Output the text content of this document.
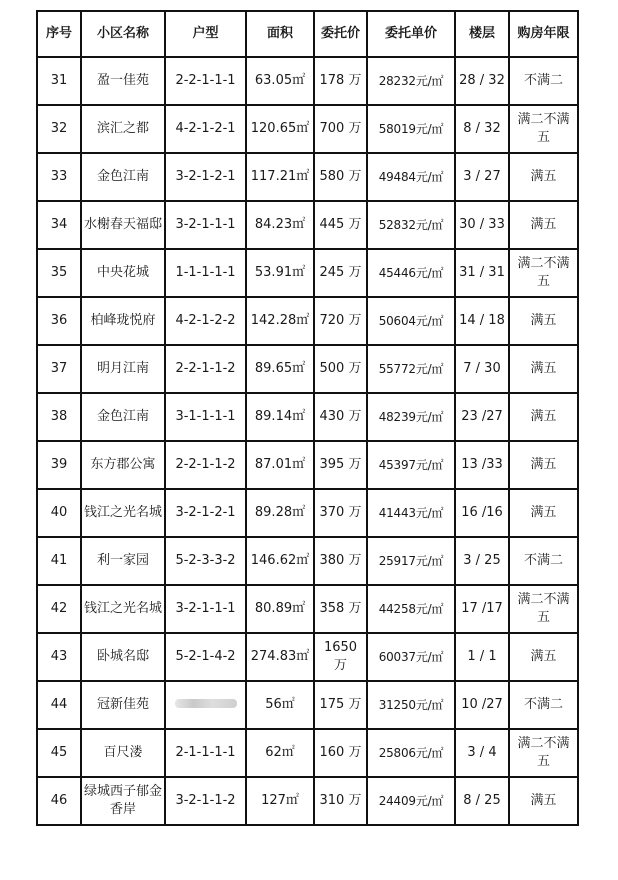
序号	小区名称	户型	面积	委托价	委托单价	楼层	购房年限
31	盈一佳苑	2-2-1-1-1	63.05㎡	178 万	28232元/㎡	28 / 32	不满二
32	滨汇之都	4-2-1-2-1	120.65㎡	700 万	58019元/㎡	8 / 32	满二不满五
33	金色江南	3-2-1-2-1	117.21㎡	580 万	49484元/㎡	3 / 27	满五
34	水榭春天福邸	3-2-1-1-1	84.23㎡	445 万	52832元/㎡	30 / 33	满五
35	中央花城	1-1-1-1-1	53.91㎡	245 万	45446元/㎡	31 / 31	满二不满五
36	柏峰珑悦府	4-2-1-2-2	142.28㎡	720 万	50604元/㎡	14 / 18	满五
37	明月江南	2-2-1-1-2	89.65㎡	500 万	55772元/㎡	7 / 30	满五
38	金色江南	3-1-1-1-1	89.14㎡	430 万	48239元/㎡	23 /27	满五
39	东方郡公寓	2-2-1-1-2	87.01㎡	395 万	45397元/㎡	13 /33	满五
40	钱江之光名城	3-2-1-2-1	89.28㎡	370 万	41443元/㎡	16 /16	满五
41	利一家园	5-2-3-3-2	146.62㎡	380 万	25917元/㎡	3 / 25	不满二
42	钱江之光名城	3-2-1-1-1	80.89㎡	358 万	44258元/㎡	17 /17	满二不满五
43	卧城名邸	5-2-1-4-2	274.83㎡	1650 万	60037元/㎡	1 / 1	满五
44	冠新佳苑		56㎡	175 万	31250元/㎡	10 /27	不满二
45	百尺溇	2-1-1-1-1	62㎡	160 万	25806元/㎡	3 / 4	满二不满五
46	绿城西子郁金香岸	3-2-1-1-2	127㎡	310 万	24409元/㎡	8 / 25	满五
